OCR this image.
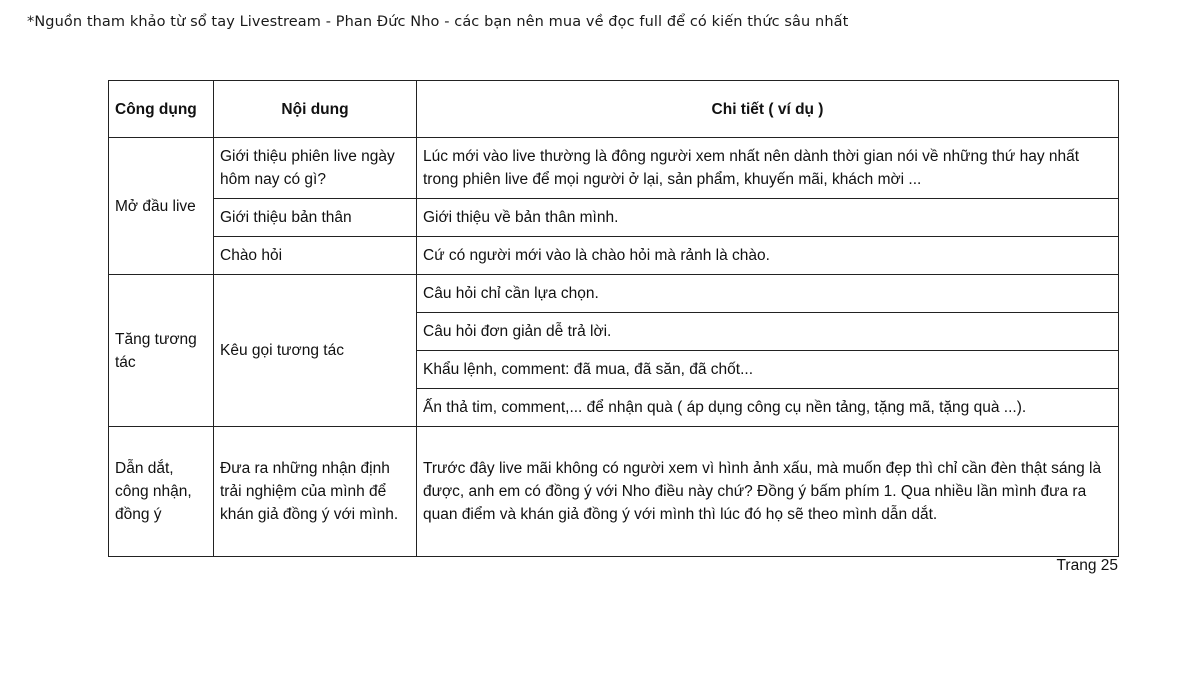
*Nguồn tham khảo từ sổ tay Livestream - Phan Đức Nho - các bạn nên mua về đọc full để có kiến thức sâu nhất
Công dụng	Nội dung	Chi tiết ( ví dụ )
Mở đầu live	Giới thiệu phiên live ngày hôm nay có gì?	Lúc mới vào live thường là đông người xem nhất nên dành thời gian nói về những thứ hay nhất trong phiên live để mọi người ở lại, sản phẩm, khuyến mãi, khách mời ...
	Giới thiệu bản thân	Giới thiệu về bản thân mình.
	Chào hỏi	Cứ có người mới vào là chào hỏi mà rảnh là chào.
Tăng tương tác	Kêu gọi tương tác	Câu hỏi chỉ cần lựa chọn.
		Câu hỏi đơn giản dễ trả lời.
		Khẩu lệnh, comment: đã mua, đã săn, đã chốt...
		Ấn thả tim, comment,... để nhận quà ( áp dụng công cụ nền tảng, tặng mã, tặng quà ...).
Dẫn dắt, công nhận, đồng ý	Đưa ra những nhận định trải nghiệm của mình để khán giả đồng ý với mình.	Trước đây live mãi không có người xem vì hình ảnh xấu, mà muốn đẹp thì chỉ cần đèn thật sáng là được, anh em có đồng ý với Nho điều này chứ? Đồng ý bấm phím 1. Qua nhiều lần mình đưa ra quan điểm và khán giả đồng ý với mình thì lúc đó họ sẽ theo mình dẫn dắt.
Trang 25
